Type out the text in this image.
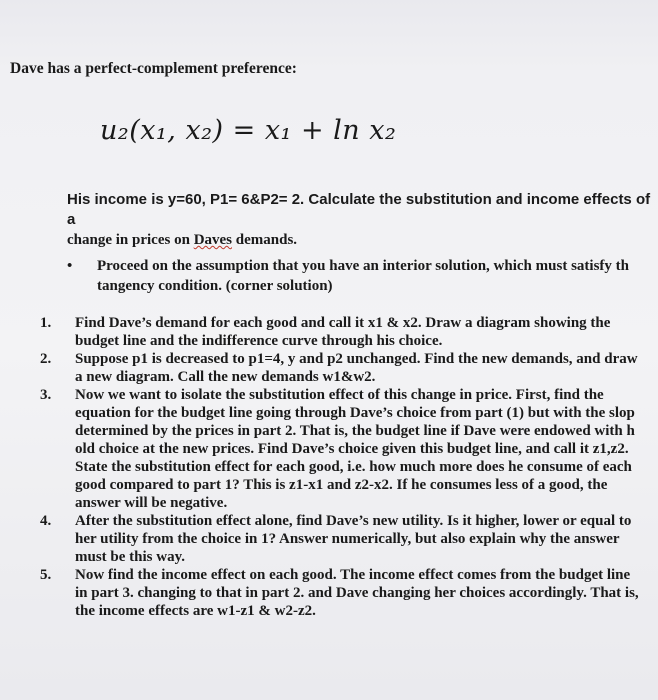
Dave has a perfect-complement preference:
u₂(x₁, x₂) = x₁ + ln x₂
His income is y=60, P1= 6&P2= 2. Calculate the substitution and income effects of a
change in prices on Daves demands.
•	Proceed on the assumption that you have an interior solution, which must satisfy th
tangency condition. (corner solution)
1.	Find Dave’s demand for each good and call it x1 & x2. Draw a diagram showing the
budget line and the indifference curve through his choice.
2.	Suppose p1 is decreased to p1=4, y and p2 unchanged. Find the new demands, and draw
a new diagram. Call the new demands w1&w2.
3.	Now we want to isolate the substitution effect of this change in price. First, find the
equation for the budget line going through Dave’s choice from part (1) but with the slop
determined by the prices in part 2. That is, the budget line if Dave were endowed with h
old choice at the new prices. Find Dave’s choice given this budget line, and call it z1,z2.
State the substitution effect for each good, i.e. how much more does he consume of each
good compared to part 1? This is z1-x1 and z2-x2. If he consumes less of a good, the
answer will be negative.
4.	After the substitution effect alone, find Dave’s new utility. Is it higher, lower or equal to
her utility from the choice in 1? Answer numerically, but also explain why the answer
must be this way.
5.	Now find the income effect on each good. The income effect comes from the budget line
in part 3. changing to that in part 2. and Dave changing her choices accordingly. That is,
the income effects are w1-z1 & w2-z2.
